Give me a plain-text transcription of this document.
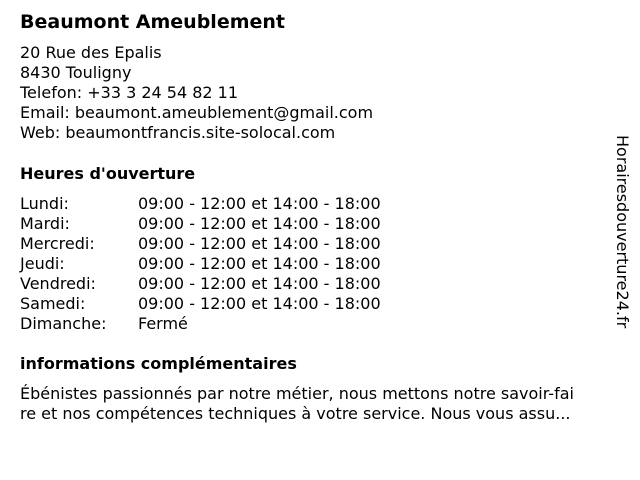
Beaumont Ameublement
20 Rue des Epalis
8430 Touligny
Telefon: +33 3 24 54 82 11
Email: beaumont.ameublement@gmail.com
Web: beaumontfrancis.site-solocal.com
Heures d'ouverture
Lundi:	09:00 - 12:00 et 14:00 - 18:00
Mardi:	09:00 - 12:00 et 14:00 - 18:00
Mercredi:	09:00 - 12:00 et 14:00 - 18:00
Jeudi:	09:00 - 12:00 et 14:00 - 18:00
Vendredi:	09:00 - 12:00 et 14:00 - 18:00
Samedi:	09:00 - 12:00 et 14:00 - 18:00
Dimanche: Fermé
informations complémentaires
Ébénistes passionnés par notre métier, nous mettons notre savoir-fai
re et nos compétences techniques à votre service. Nous vous assu...
Horairesdouverture24.fr
